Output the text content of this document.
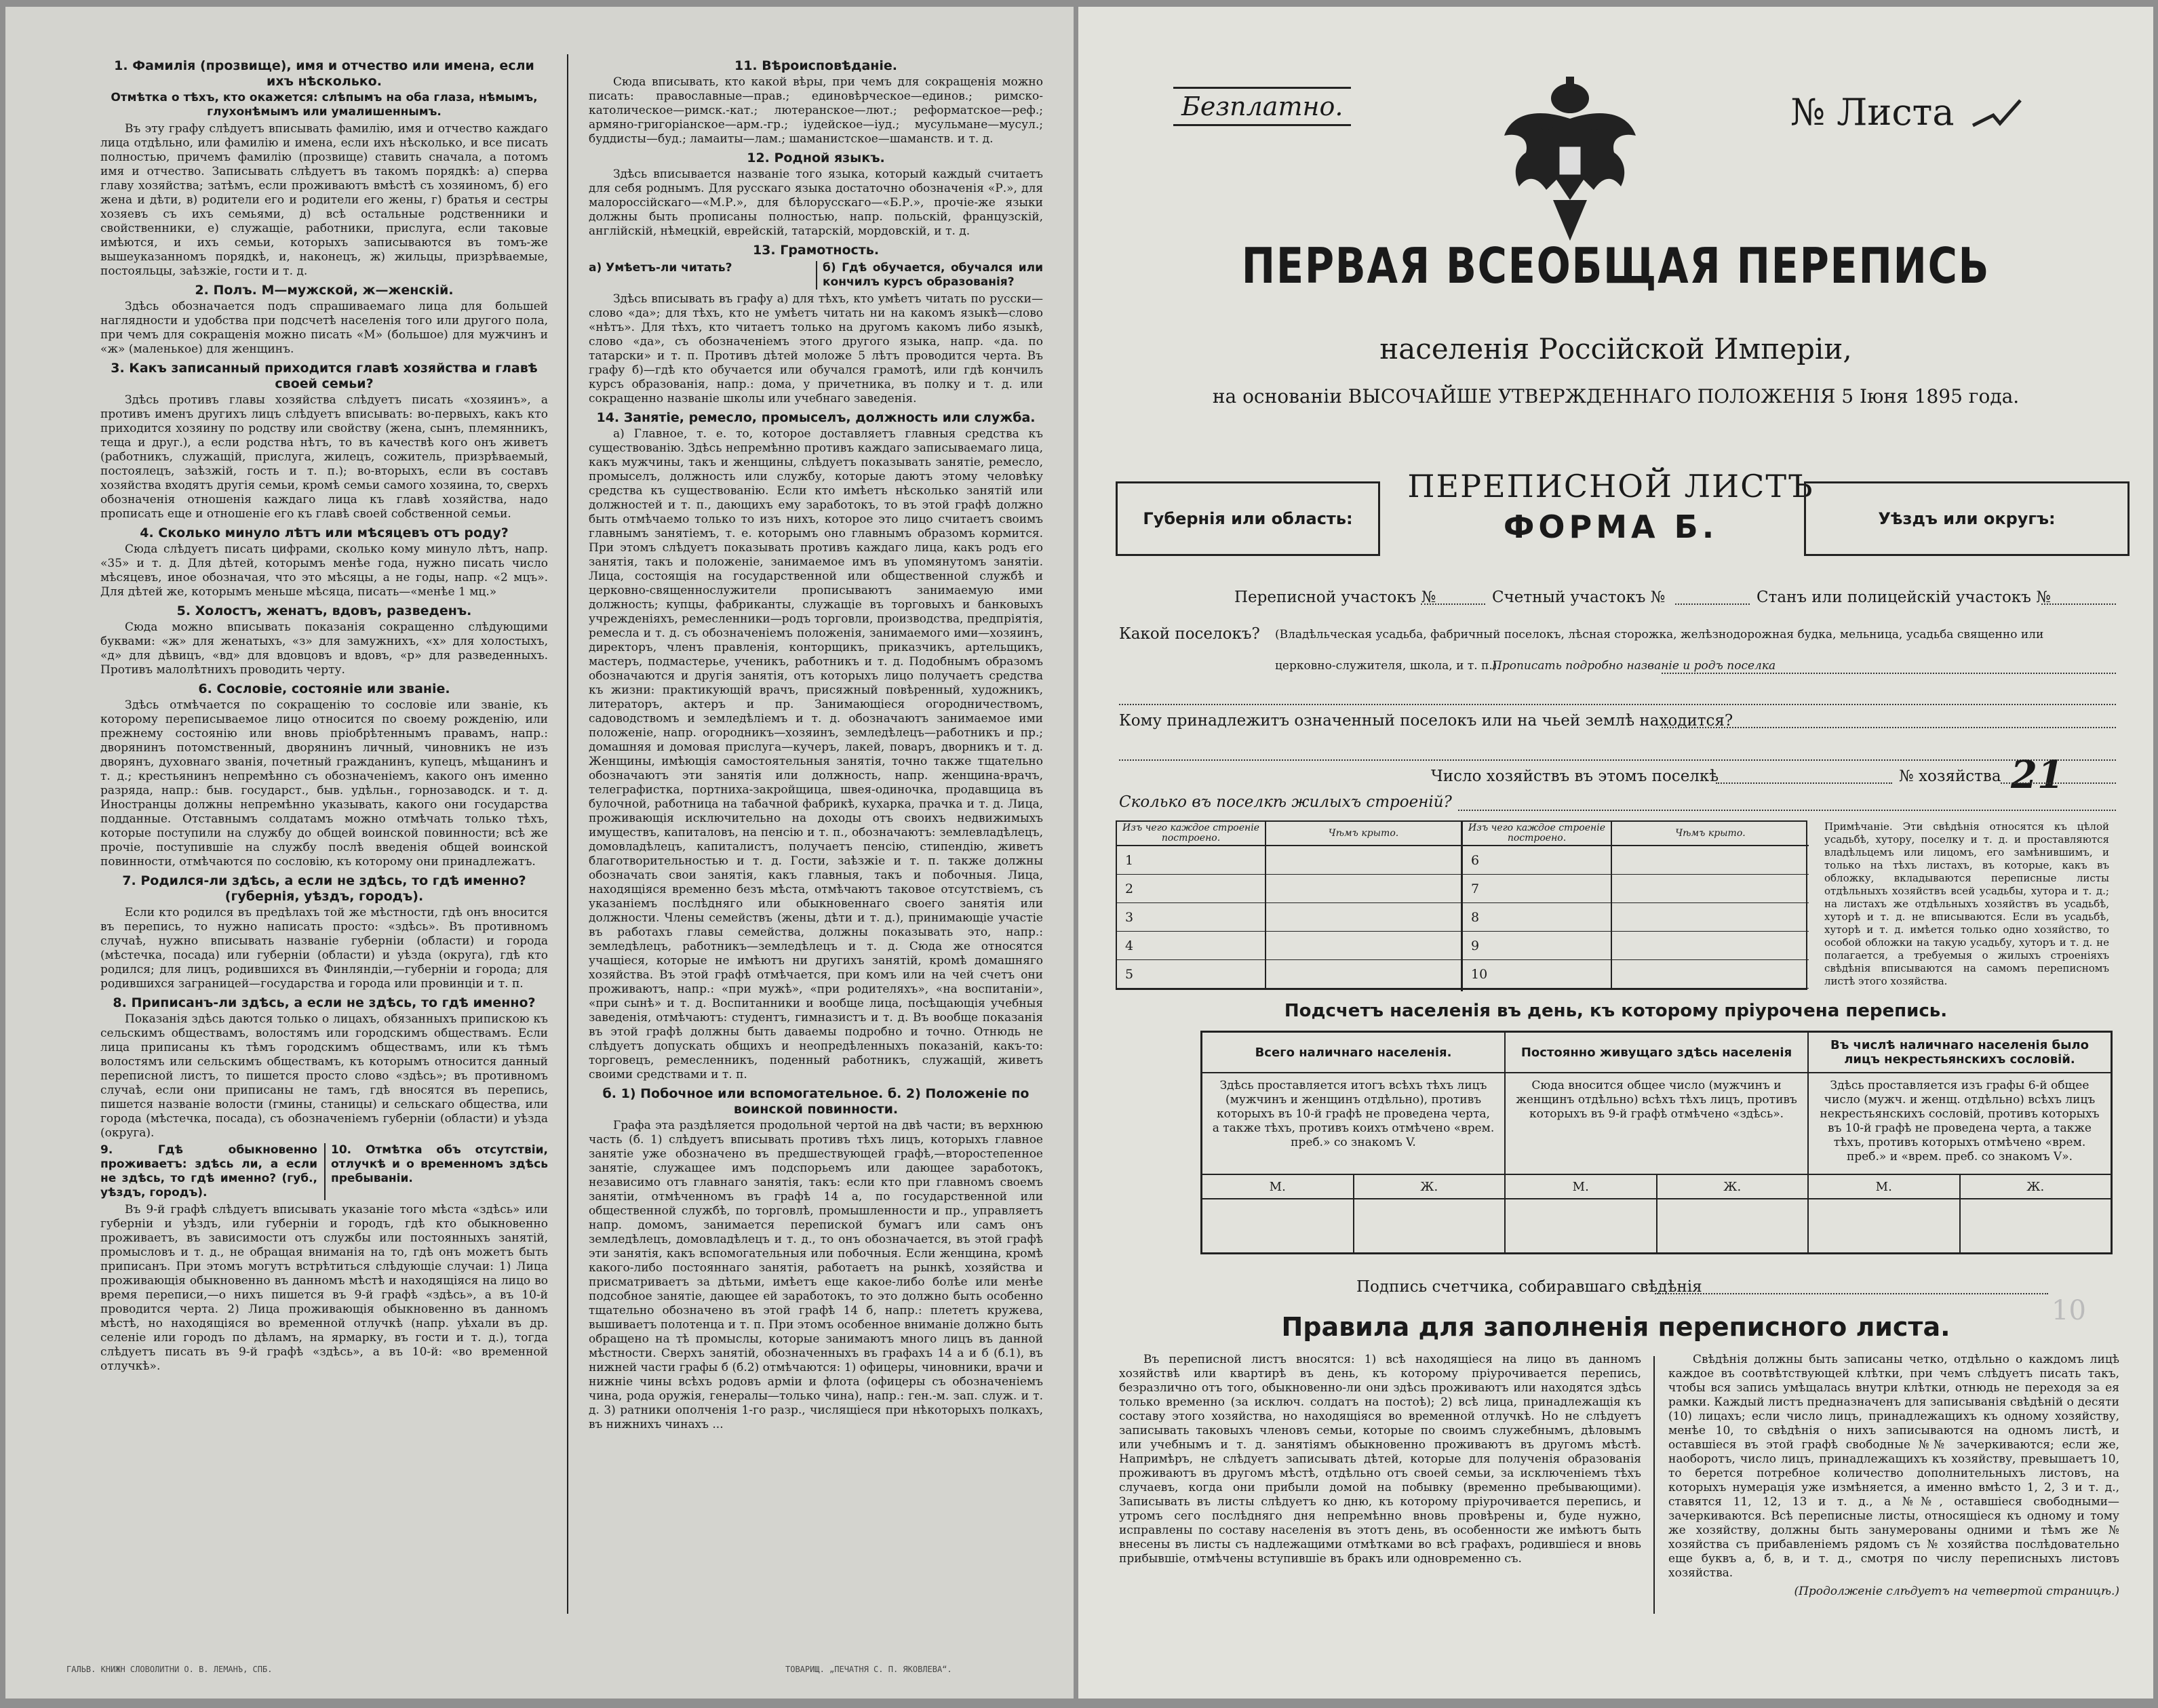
1. Фамилія (прозвище), имя и отчество или имена, если ихъ нѣсколько.
Отмѣтка о тѣхъ, кто окажется: слѣпымъ на оба глаза, нѣмымъ, глухонѣмымъ или умалишеннымъ.

Въ эту графу слѣдуетъ вписывать фамилію, имя и отчество каждаго лица отдѣльно, или фамилію и имена, если ихъ нѣсколько, и все писать полностью, причемъ фамилію (прозвище) ставить сначала, а потомъ имя и отчество. Записывать слѣдуетъ въ такомъ порядкѣ: а) сперва главу хозяйства; затѣмъ, если проживаютъ вмѣстѣ съ хозяиномъ, б) его жена и дѣти, в) родители его и родители его жены, г) братья и сестры хозяевъ съ ихъ семьями, д) всѣ остальные родственники и свойственники, е) служащіе, работники, прислуга, если таковые имѣются, и ихъ семьи, которыхъ записываются въ томъ-же вышеуказанномъ порядкѣ, и, наконецъ, ж) жильцы, призрѣваемые, постояльцы, заѣзжіе, гости и т. д.

2. Полъ. М—мужской, ж—женскій.

Здѣсь обозначается подъ спрашиваемаго лица для большей наглядности и удобства при подсчетѣ населенія того или другого пола, при чемъ для сокращенія можно писать «М» (большое) для мужчинъ и «ж» (маленькое) для женщинъ.

3. Какъ записанный приходится главѣ хозяйства и главѣ своей семьи?

Здѣсь противъ главы хозяйства слѣдуетъ писать «хозяинъ», а противъ именъ другихъ лицъ слѣдуетъ вписывать: во-первыхъ, какъ кто приходится хозяину по родству или свойству (жена, сынъ, племянникъ, теща и друг.), а если родства нѣтъ, то въ качествѣ кого онъ живетъ (работникъ, служащій, прислуга, жилецъ, сожитель, призрѣваемый, постоялецъ, заѣзжій, гость и т. п.); во-вторыхъ, если въ составъ хозяйства входятъ другія семьи, кромѣ семьи самого хозяина, то, сверхъ обозначенія отношенія каждаго лица къ главѣ хозяйства, надо прописать еще и отношеніе его къ главѣ своей собственной семьи.

4. Сколько минуло лѣтъ или мѣсяцевъ отъ роду?

Сюда слѣдуетъ писать цифрами, сколько кому минуло лѣтъ, напр. «35» и т. д. Для дѣтей, которымъ менѣе года, нужно писать число мѣсяцевъ, иное обозначая, что это мѣсяцы, а не годы, напр. «2 мцъ». Для дѣтей же, которымъ меньше мѣсяца, писать—«менѣе 1 мц.»

5. Холостъ, женатъ, вдовъ, разведенъ.

Сюда можно вписывать показанія сокращенно слѣдующими буквами: «ж» для женатыхъ, «з» для замужнихъ, «х» для холостыхъ, «д» для дѣвицъ, «вд» для вдовцовъ и вдовъ, «р» для разведенныхъ. Противъ малолѣтнихъ проводить черту.

6. Сословіе, состояніе или званіе.

Здѣсь отмѣчается по сокращенію то сословіе или званіе, къ которому переписываемое лицо относится по своему рожденію, или прежнему состоянію или вновь пріобрѣтеннымъ правамъ, напр.: дворянинъ потомственный, дворянинъ личный, чиновникъ не изъ дворянъ, духовнаго званія, почетный гражданинъ, купецъ, мѣщанинъ и т. д.; крестьянинъ непремѣнно съ обозначеніемъ, какого онъ именно разряда, напр.: быв. государст., быв. удѣльн., горнозаводск. и т. д. Иностранцы должны непремѣнно указывать, какого они государства подданные. Отставнымъ солдатамъ можно отмѣчать только тѣхъ, которые поступили на службу до общей воинской повинности; всѣ же прочіе, поступившіе на службу послѣ введенія общей воинской повинности, отмѣчаются по сословію, къ которому они принадлежатъ.

7. Родился-ли здѣсь, а если не здѣсь, то гдѣ именно? (губернія, уѣздъ, городъ).

Если кто родился въ предѣлахъ той же мѣстности, гдѣ онъ вносится въ перепись, то нужно написать просто: «здѣсь». Въ противномъ случаѣ, нужно вписывать названіе губерніи (области) и города (мѣстечка, посада) или губерніи (области) и уѣзда (округа), гдѣ кто родился; для лицъ, родившихся въ Финляндіи,—губерніи и города; для родившихся заграницей—государства и города или провинціи и т. п.

8. Приписанъ-ли здѣсь, а если не здѣсь, то гдѣ именно?

Показанія здѣсь даются только о лицахъ, обязанныхъ припискою къ сельскимъ обществамъ, волостямъ или городскимъ обществамъ. Если лица приписаны къ тѣмъ городскимъ обществамъ, или къ тѣмъ волостямъ или сельскимъ обществамъ, къ которымъ относится данный переписной листъ, то пишется просто слово «здѣсь»; въ противномъ случаѣ, если они приписаны не тамъ, гдѣ вносятся въ перепись, пишется названіе волости (гмины, станицы) и сельскаго общества, или города (мѣстечка, посада), съ обозначеніемъ губерніи (области) и уѣзда (округа).

9. Гдѣ обыкновенно проживаетъ: здѣсь ли, а если не здѣсь, то гдѣ именно? (губ., уѣздъ, городъ).
10. Отмѣтка объ отсутствіи, отлучкѣ и о временномъ здѣсь пребываніи.

Въ 9-й графѣ слѣдуетъ вписывать указаніе того мѣста «здѣсь» или губерніи и уѣздъ, или губерніи и городъ, гдѣ кто обыкновенно проживаетъ, въ зависимости отъ службы или постоянныхъ занятій, промысловъ и т. д., не обращая вниманія на то, гдѣ онъ можетъ быть приписанъ. При этомъ могутъ встрѣтиться слѣдующіе случаи: 1) Лица проживающія обыкновенно въ данномъ мѣстѣ и находящіяся на лицо во время переписи,—о нихъ пишется въ 9-й графѣ «здѣсь», а въ 10-й проводится черта. 2) Лица проживающія обыкновенно въ данномъ мѣстѣ, но находящіяся во временной отлучкѣ (напр. уѣхали въ др. селеніе или городъ по дѣламъ, на ярмарку, въ гости и т. д.), тогда слѣдуетъ писать въ 9-й графѣ «здѣсь», а въ 10-й: «во временной отлучкѣ».

11. Вѣроисповѣданіе.

Сюда вписывать, кто какой вѣры, при чемъ для сокращенія можно писать: православные—прав.; единовѣрческое—единов.; римско-католическое—римск.-кат.; лютеранское—лют.; реформатское—реф.; армяно-григоріанское—арм.-гр.; іудейское—іуд.; мусульмане—мусул.; буддисты—буд.; ламаиты—лам.; шаманистское—шаманств. и т. д.

12. Родной языкъ.

Здѣсь вписывается названіе того языка, который каждый считаетъ для себя роднымъ. Для русскаго языка достаточно обозначенія «Р.», для малороссійскаго—«М.Р.», для бѣлорусскаго—«Б.Р.», прочіе-же языки должны быть прописаны полностью, напр. польскій, французскій, англійскій, нѣмецкій, еврейскій, татарскій, мордовскій, и т. д.

13. Грамотность.
а) Умѣетъ-ли читать?	б) Гдѣ обучается, обучался или кончилъ курсъ образованія?

Здѣсь вписывать въ графу а) для тѣхъ, кто умѣетъ читать по русски—слово «да»; для тѣхъ, кто не умѣетъ читать ни на какомъ языкѣ—слово «нѣтъ». Для тѣхъ, кто читаетъ только на другомъ какомъ либо языкѣ, слово «да», съ обозначеніемъ этого другого языка, напр. «да. по татарски» и т. п. Противъ дѣтей моложе 5 лѣтъ проводится черта. Въ графу б)—гдѣ кто обучается или обучался грамотѣ, или гдѣ кончилъ курсъ образованія, напр.: дома, у причетника, въ полку и т. д. или сокращенно названіе школы или учебнаго заведенія.

14. Занятіе, ремесло, промыселъ, должность или служба.

а) Главное, т. е. то, которое доставляетъ главныя средства къ существованію. Здѣсь непремѣнно противъ каждаго записываемаго лица, какъ мужчины, такъ и женщины, слѣдуетъ показывать занятіе, ремесло, промыселъ, должность или службу, которые даютъ этому человѣку средства къ существованію. Если кто имѣетъ нѣсколько занятій или должностей и т. п., дающихъ ему заработокъ, то въ этой графѣ должно быть отмѣчаемо только то изъ нихъ, которое это лицо считаетъ своимъ главнымъ занятіемъ, т. е. которымъ оно главнымъ образомъ кормится. При этомъ слѣдуетъ показывать противъ каждаго лица, какъ родъ его занятія, такъ и положеніе, занимаемое имъ въ упомянутомъ занятіи. Лица, состоящія на государственной или общественной службѣ и церковно-священнослужители прописываютъ занимаемую ими должность; купцы, фабриканты, служащіе въ торговыхъ и банковыхъ учрежденіяхъ, ремесленники—родъ торговли, производства, предпріятія, ремесла и т. д. съ обозначеніемъ положенія, занимаемого ими—хозяинъ, директоръ, членъ правленія, конторщикъ, приказчикъ, артельщикъ, мастеръ, подмастерье, ученикъ, работникъ и т. д. Подобнымъ образомъ обозначаются и другія занятія, отъ которыхъ лицо получаетъ средства къ жизни: практикующій врачъ, присяжный повѣренный, художникъ, литераторъ, актеръ и пр. Занимающіеся огородничествомъ, садоводствомъ и земледѣліемъ и т. д. обозначаютъ занимаемое ими положеніе, напр. огородникъ—хозяинъ, земледѣлецъ—работникъ и пр.; домашняя и домовая прислуга—кучеръ, лакей, поваръ, дворникъ и т. д. Женщины, имѣющія самостоятельныя занятія, точно также тщательно обозначаютъ эти занятія или должность, напр. женщина-врачъ, телеграфистка, портниха-закройщица, швея-одиночка, продавщица въ булочной, работница на табачной фабрикѣ, кухарка, прачка и т. д. Лица, проживающія исключительно на доходы отъ своихъ недвижимыхъ имуществъ, капиталовъ, на пенсію и т. п., обозначаютъ: землевладѣлецъ, домовладѣлецъ, капиталистъ, получаетъ пенсію, стипендію, живетъ благотворительностью и т. д. Гости, заѣзжіе и т. п. также должны обозначать свои занятія, какъ главныя, такъ и побочныя. Лица, находящіяся временно безъ мѣста, отмѣчаютъ таковое отсутствіемъ, съ указаніемъ послѣдняго или обыкновеннаго своего занятія или должности. Члены семействъ (жены, дѣти и т. д.), принимающіе участіе въ работахъ главы семейства, должны показывать это, напр.: земледѣлецъ, работникъ—земледѣлецъ и т. д. Сюда же относятся учащіеся, которые не имѣютъ ни другихъ занятій, кромѣ домашняго хозяйства. Въ этой графѣ отмѣчается, при комъ или на чей счетъ они проживаютъ, напр.: «при мужѣ», «при родителяхъ», «на воспитаніи», «при сынѣ» и т. д. Воспитанники и вообще лица, посѣщающія учебныя заведенія, отмѣчаютъ: студентъ, гимназистъ и т. д. Въ вообще показанія въ этой графѣ должны быть даваемы подробно и точно. Отнюдь не слѣдуетъ допускать общихъ и неопредѣленныхъ показаній, какъ-то: торговецъ, ремесленникъ, поденный работникъ, служащій, живетъ своими средствами и т. п.

б. 1) Побочное или вспомогательное. б. 2) Положеніе по воинской повинности.

Графа эта раздѣляется продольной чертой на двѣ части; въ верхнюю часть (б. 1) слѣдуетъ вписывать противъ тѣхъ лицъ, которыхъ главное занятіе уже обозначено въ предшествующей графѣ,—второстепенное занятіе, служащее имъ подспорьемъ или дающее заработокъ, независимо отъ главнаго занятія, такъ: если кто при главномъ своемъ занятіи, отмѣченномъ въ графѣ 14 а, по государственной или общественной службѣ, по торговлѣ, промышленности и пр., управляетъ напр. домомъ, занимается перепиской бумагъ или самъ онъ земледѣлецъ, домовладѣлецъ и т. д., то онъ обозначается, въ этой графѣ эти занятія, какъ вспомогательныя или побочныя. Если женщина, кромѣ какого-либо постояннаго занятія, работаетъ на рынкѣ, хозяйства и присматриваетъ за дѣтьми, имѣетъ еще какое-либо болѣе или менѣе подсобное занятіе, дающее ей заработокъ, то это должно быть особенно тщательно обозначено въ этой графѣ 14 б, напр.: плететъ кружева, вышиваетъ полотенца и т. п. При этомъ особенное вниманіе должно быть обращено на тѣ промыслы, которые занимаютъ много лицъ въ данной мѣстности. Сверхъ занятій, обозначенныхъ въ графахъ 14 а и б (б.1), въ нижней части графы б (б.2) отмѣчаются: 1) офицеры, чиновники, врачи и нижніе чины всѣхъ родовъ арміи и флота (офицеры съ обозначеніемъ чина, рода оружія, генералы—только чина), напр.: ген.-м. зап. служ. и т. д. 3) ратники ополченія 1-го разр., числящіеся при нѣкоторыхъ полкахъ, въ нижнихъ чинахъ ...

ГАЛЬВ. КНИЖН СЛОВОЛИТНИ О. В. ЛЕМАНЪ, СПБ.	ТОВАРИЩ. „ПЕЧАТНЯ С. П. ЯКОВЛЕВА“.
Безплатно.	№ Листа
ПЕРВАЯ ВСЕОБЩАЯ ПЕРЕПИСЬ
населенія Россійской Имперіи,
на основаніи ВЫСОЧАЙШЕ УТВЕРЖДЕННАГО ПОЛОЖЕНІЯ 5 Іюня 1895 года.
Губернія или область:
ПЕРЕПИСНОЙ ЛИСТЪ
ФОРМА Б.	Уѣздъ или округъ:
Переписной участокъ №	Счетный участокъ №	Станъ или полицейскій участокъ №
Какой поселокъ? (Владѣльческая усадьба, фабричный поселокъ, лѣсная сторожка, желѣзнодорожная будка, мельница, усадьба священно или
церковно-служителя, школа, и т. п.).
Прописать подробно названіе и родъ поселка
Кому принадлежитъ означенный поселокъ или на чьей землѣ находится?
Число хозяйствъ въ этомъ поселкѣ	№ хозяйства 21
Сколько въ поселкѣ жилыхъ строеній?
Изъ чего каждое строеніе построено.	Чѣмъ крыто.
1
2
3
4
5
Изъ чего каждое строеніе построено.	Чѣмъ крыто.
6
7
8
9
10
Примѣчаніе. Эти свѣдѣнія относятся къ цѣлой усадьбѣ, хутору, поселку и т. д. и проставляются владѣльцемъ или лицомъ, его замѣнившимъ, и только на тѣхъ листахъ, въ которые, какъ въ обложку, вкладываются переписные листы отдѣльныхъ хозяйствъ всей усадьбы, хутора и т. д.; на листахъ же отдѣльныхъ хозяйствъ въ усадьбѣ, хуторѣ и т. д. не вписываются. Если въ усадьбѣ, хуторѣ и т. д. имѣется только одно хозяйство, то особой обложки на такую усадьбу, хуторъ и т. д. не полагается, а требуемыя о жилыхъ строеніяхъ свѣдѣнія вписываются на самомъ переписномъ листѣ этого хозяйства.
Подсчетъ населенія въ день, къ которому пріурочена перепись.
Всего наличнаго населенія.
Здѣсь проставляется итогъ всѣхъ тѣхъ лицъ (мужчинъ и женщинъ отдѣльно), противъ которыхъ въ 10-й графѣ не проведена черта, а также тѣхъ, противъ коихъ отмѣчено «врем. преб.» со знакомъ V.
М.	Ж.
Постоянно живущаго здѣсь населенія
Сюда вносится общее число (мужчинъ и женщинъ отдѣльно) всѣхъ тѣхъ лицъ, противъ которыхъ въ 9-й графѣ отмѣчено «здѣсь».
М.	Ж.
Въ числѣ наличнаго населенія было лицъ некрестьянскихъ сословій.
Здѣсь проставляется изъ графы 6-й общее число (мужч. и женщ. отдѣльно) всѣхъ лицъ некрестьянскихъ сословій, противъ которыхъ въ 10-й графѣ не проведена черта, а также тѣхъ, противъ которыхъ отмѣчено «врем. преб.» и «врем. преб. со знакомъ V».
М.	Ж.
Подпись счетчика, собиравшаго свѣдѣнія
10
Правила для заполненія переписного листа.

Въ переписной листъ вносятся: 1) всѣ находящіеся на лицо въ данномъ хозяйствѣ или квартирѣ въ день, къ которому пріурочивается перепись, безразлично отъ того, обыкновенно-ли они здѣсь проживаютъ или находятся здѣсь только временно (за исключ. солдатъ на постоѣ); 2) всѣ лица, принадлежащія къ составу этого хозяйства, но находящіяся во временной отлучкѣ. Но не слѣдуетъ записывать таковыхъ членовъ семьи, которые по своимъ служебнымъ, дѣловымъ или учебнымъ и т. д. занятіямъ обыкновенно проживаютъ въ другомъ мѣстѣ. Напримѣръ, не слѣдуетъ записывать дѣтей, которые для полученія образованія проживаютъ въ другомъ мѣстѣ, отдѣльно отъ своей семьи, за исключеніемъ тѣхъ случаевъ, когда они прибыли домой на побывку (временно пребывающими). Записывать въ листы слѣдуетъ ко дню, къ которому пріурочивается перепись, и утромъ сего послѣдняго дня непремѣнно вновь провѣрены и, буде нужно, исправлены по составу населенія въ этотъ день, въ особенности же имѣютъ быть внесены въ листы съ надлежащими отмѣтками во всѣ графахъ, родившіеся и вновь прибывшіе, отмѣчены вступившіе въ бракъ или одновременно съ.

Свѣдѣнія должны быть записаны четко, отдѣльно о каждомъ лицѣ каждое въ соотвѣтствующей клѣтки, при чемъ слѣдуетъ писать такъ, чтобы вся запись умѣщалась внутри клѣтки, отнюдь не переходя за ея рамки. Каждый листъ предназначенъ для записыванія свѣдѣній о десяти (10) лицахъ; если число лицъ, принадлежащихъ къ одному хозяйству, менѣе 10, то свѣдѣнія о нихъ записываются на одномъ листѣ, и оставшіеся въ этой графѣ свободные №№ зачеркиваются; если же, наоборотъ, число лицъ, принадлежащихъ къ хозяйству, превышаетъ 10, то берется потребное количество дополнительныхъ листовъ, на которыхъ нумерація уже измѣняется, а именно вмѣсто 1, 2, 3 и т. д., ставятся 11, 12, 13 и т. д., а №№, оставшіеся свободными—зачеркиваются. Всѣ переписные листы, относящіеся къ одному и тому же хозяйству, должны быть занумерованы одними и тѣмъ же № хозяйства съ прибавленіемъ рядомъ съ № хозяйства послѣдовательно еще буквъ а, б, в, и т. д., смотря по числу переписныхъ листовъ хозяйства.

(Продолженіе слѣдуетъ на четвертой страницѣ.)
